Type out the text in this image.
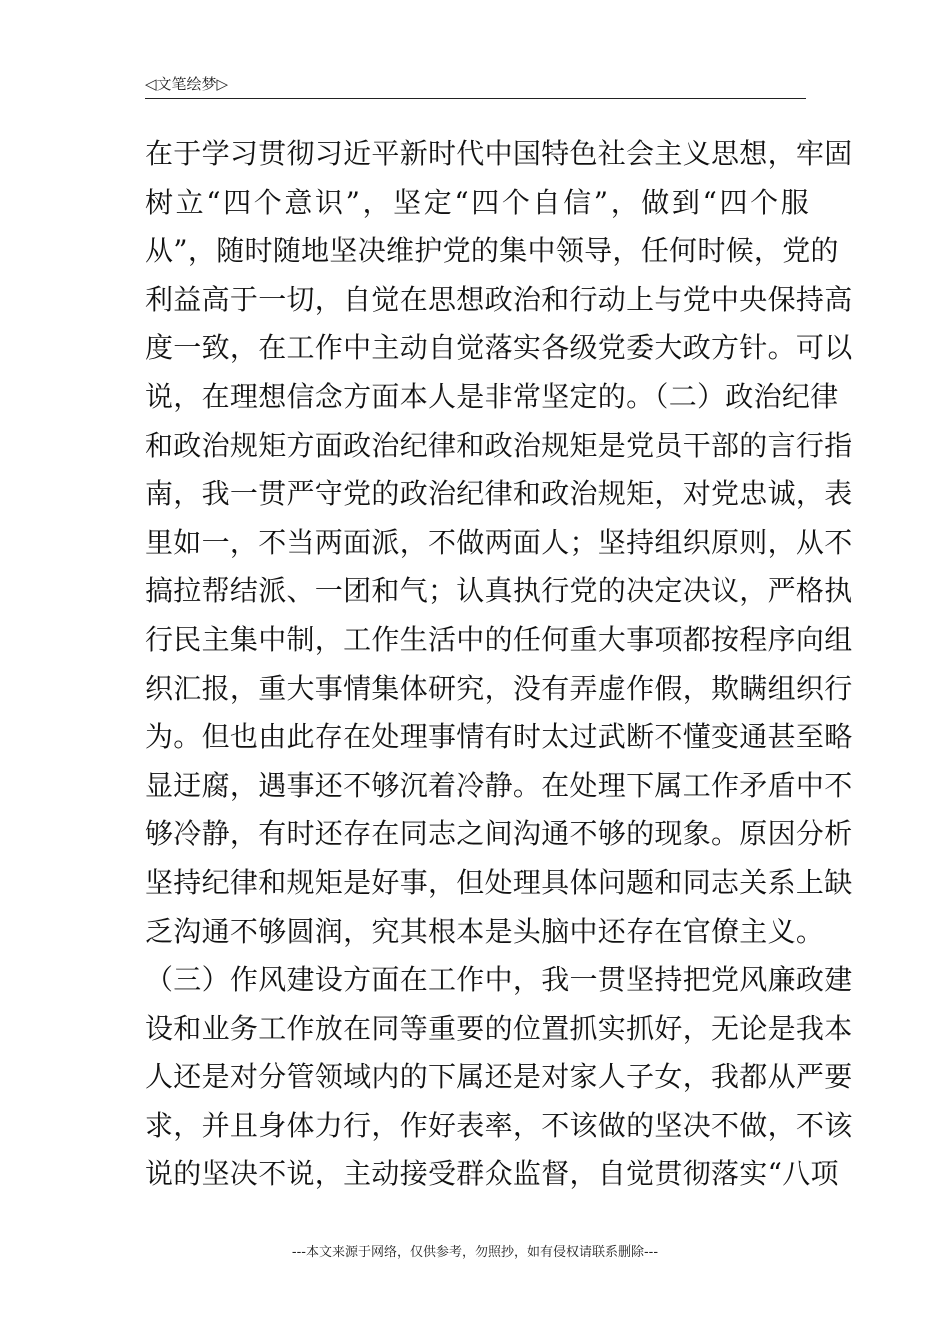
◁文笔绘梦▷
在于学习贯彻习近平新时代中国特色社会主义思想，牢固
树立“四个意识”，坚定“四个自信”，做到“四个服
从”，随时随地坚决维护党的集中领导，任何时候，党的
利益高于一切，自觉在思想政治和行动上与党中央保持高
度一致，在工作中主动自觉落实各级党委大政方针。可以
说，在理想信念方面本人是非常坚定的。（二）政治纪律
和政治规矩方面政治纪律和政治规矩是党员干部的言行指
南，我一贯严守党的政治纪律和政治规矩，对党忠诚，表
里如一，不当两面派，不做两面人；坚持组织原则，从不
搞拉帮结派、一团和气；认真执行党的决定决议，严格执
行民主集中制，工作生活中的任何重大事项都按程序向组
织汇报，重大事情集体研究，没有弄虚作假，欺瞒组织行
为。但也由此存在处理事情有时太过武断不懂变通甚至略
显迂腐，遇事还不够沉着冷静。在处理下属工作矛盾中不
够冷静，有时还存在同志之间沟通不够的现象。原因分析
坚持纪律和规矩是好事，但处理具体问题和同志关系上缺
乏沟通不够圆润，究其根本是头脑中还存在官僚主义。
（三）作风建设方面在工作中，我一贯坚持把党风廉政建
设和业务工作放在同等重要的位置抓实抓好，无论是我本
人还是对分管领域内的下属还是对家人子女，我都从严要
求，并且身体力行，作好表率，不该做的坚决不做，不该
说的坚决不说，主动接受群众监督，自觉贯彻落实“八项
---本文来源于网络，仅供参考，勿照抄，如有侵权请联系删除---
